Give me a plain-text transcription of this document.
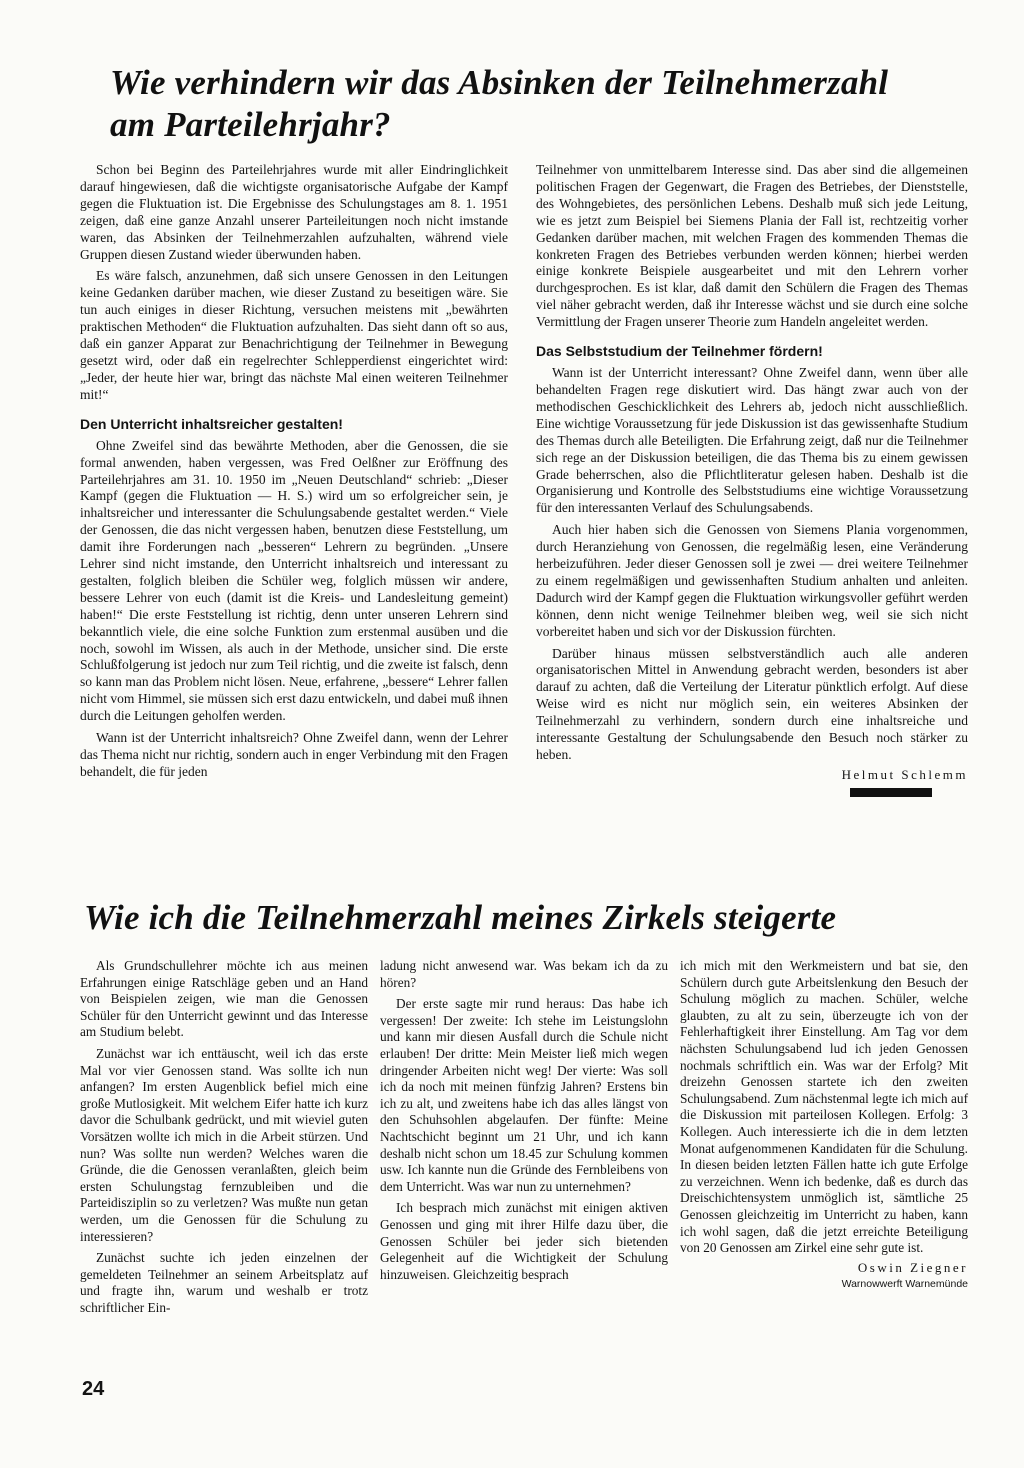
Wie verhindern wir das Absinken der Teilnehmerzahl
am Parteilehrjahr?

Schon bei Beginn des Parteilehrjahres wurde mit aller Eindringlichkeit darauf hingewiesen, daß die wichtigste organisatorische Aufgabe der Kampf gegen die Fluktuation ist. Die Ergebnisse des Schulungstages am 8. 1. 1951 zeigen, daß eine ganze Anzahl unserer Parteileitungen noch nicht imstande waren, das Absinken der Teilnehmerzahlen aufzuhalten, während viele Gruppen diesen Zustand wieder überwunden haben.

Es wäre falsch, anzunehmen, daß sich unsere Genossen in den Leitungen keine Gedanken darüber machen, wie dieser Zustand zu beseitigen wäre. Sie tun auch einiges in dieser Richtung, versuchen meistens mit „bewährten praktischen Methoden“ die Fluktuation aufzuhalten. Das sieht dann oft so aus, daß ein ganzer Apparat zur Benachrichtigung der Teilnehmer in Bewegung gesetzt wird, oder daß ein regelrechter Schlepperdienst eingerichtet wird: „Jeder, der heute hier war, bringt das nächste Mal einen weiteren Teilnehmer mit!“

Den Unterricht inhaltsreicher gestalten!

Ohne Zweifel sind das bewährte Methoden, aber die Genossen, die sie formal anwenden, haben vergessen, was Fred Oelßner zur Eröffnung des Parteilehrjahres am 31. 10. 1950 im „Neuen Deutschland“ schrieb: „Dieser Kampf (gegen die Fluktuation — H. S.) wird um so erfolgreicher sein, je inhaltsreicher und interessanter die Schulungsabende gestaltet werden.“ Viele der Genossen, die das nicht vergessen haben, benutzen diese Feststellung, um damit ihre Forderungen nach „besseren“ Lehrern zu begründen. „Unsere Lehrer sind nicht imstande, den Unterricht inhaltsreich und interessant zu gestalten, folglich bleiben die Schüler weg, folglich müssen wir andere, bessere Lehrer von euch (damit ist die Kreis- und Landesleitung gemeint) haben!“ Die erste Feststellung ist richtig, denn unter unseren Lehrern sind bekanntlich viele, die eine solche Funktion zum erstenmal ausüben und die noch, sowohl im Wissen, als auch in der Methode, unsicher sind. Die erste Schlußfolgerung ist jedoch nur zum Teil richtig, und die zweite ist falsch, denn so kann man das Problem nicht lösen. Neue, erfahrene, „bessere“ Lehrer fallen nicht vom Himmel, sie müssen sich erst dazu entwickeln, und dabei muß ihnen durch die Leitungen geholfen werden.

Wann ist der Unterricht inhaltsreich? Ohne Zweifel dann, wenn der Lehrer das Thema nicht nur richtig, sondern auch in enger Verbindung mit den Fragen behandelt, die für jeden

Teilnehmer von unmittelbarem Interesse sind. Das aber sind die allgemeinen politischen Fragen der Gegenwart, die Fragen des Betriebes, der Dienststelle, des Wohngebietes, des persönlichen Lebens. Deshalb muß sich jede Leitung, wie es jetzt zum Beispiel bei Siemens Plania der Fall ist, rechtzeitig vorher Gedanken darüber machen, mit welchen Fragen des kommenden Themas die konkreten Fragen des Betriebes verbunden werden können; hierbei werden einige konkrete Beispiele ausgearbeitet und mit den Lehrern vorher durchgesprochen. Es ist klar, daß damit den Schülern die Fragen des Themas viel näher gebracht werden, daß ihr Interesse wächst und sie durch eine solche Vermittlung der Fragen unserer Theorie zum Handeln angeleitet werden.

Das Selbststudium der Teilnehmer fördern!

Wann ist der Unterricht interessant? Ohne Zweifel dann, wenn über alle behandelten Fragen rege diskutiert wird. Das hängt zwar auch von der methodischen Geschicklichkeit des Lehrers ab, jedoch nicht ausschließlich. Eine wichtige Voraussetzung für jede Diskussion ist das gewissenhafte Studium des Themas durch alle Beteiligten. Die Erfahrung zeigt, daß nur die Teilnehmer sich rege an der Diskussion beteiligen, die das Thema bis zu einem gewissen Grade beherrschen, also die Pflichtliteratur gelesen haben. Deshalb ist die Organisierung und Kontrolle des Selbststudiums eine wichtige Voraussetzung für den interessanten Verlauf des Schulungsabends.

Auch hier haben sich die Genossen von Siemens Plania vorgenommen, durch Heranziehung von Genossen, die regelmäßig lesen, eine Veränderung herbeizuführen. Jeder dieser Genossen soll je zwei — drei weitere Teilnehmer zu einem regelmäßigen und gewissenhaften Studium anhalten und anleiten. Dadurch wird der Kampf gegen die Fluktuation wirkungsvoller geführt werden können, denn nicht wenige Teilnehmer bleiben weg, weil sie sich nicht vorbereitet haben und sich vor der Diskussion fürchten.

Darüber hinaus müssen selbstverständlich auch alle anderen organisatorischen Mittel in Anwendung gebracht werden, besonders ist aber darauf zu achten, daß die Verteilung der Literatur pünktlich erfolgt. Auf diese Weise wird es nicht nur möglich sein, ein weiteres Absinken der Teilnehmerzahl zu verhindern, sondern durch eine inhaltsreiche und interessante Gestaltung der Schulungsabende den Besuch noch stärker zu heben.

Helmut Schlemm
Wie ich die Teilnehmerzahl meines Zirkels steigerte

Als Grundschullehrer möchte ich aus meinen Erfahrungen einige Ratschläge geben und an Hand von Beispielen zeigen, wie man die Genossen Schüler für den Unterricht gewinnt und das Interesse am Studium belebt.

Zunächst war ich enttäuscht, weil ich das erste Mal vor vier Genossen stand. Was sollte ich nun anfangen? Im ersten Augenblick befiel mich eine große Mutlosigkeit. Mit welchem Eifer hatte ich kurz davor die Schulbank gedrückt, und mit wieviel guten Vorsätzen wollte ich mich in die Arbeit stürzen. Und nun? Was sollte nun werden? Welches waren die Gründe, die die Genossen veranlaßten, gleich beim ersten Schulungstag fernzubleiben und die Parteidisziplin so zu verletzen? Was mußte nun getan werden, um die Genossen für die Schulung zu interessieren?

Zunächst suchte ich jeden einzelnen der gemeldeten Teilnehmer an seinem Arbeitsplatz auf und fragte ihn, warum und weshalb er trotz schriftlicher Ein-

ladung nicht anwesend war. Was bekam ich da zu hören?

Der erste sagte mir rund heraus: Das habe ich vergessen! Der zweite: Ich stehe im Leistungslohn und kann mir diesen Ausfall durch die Schule nicht erlauben! Der dritte: Mein Meister ließ mich wegen dringender Arbeiten nicht weg! Der vierte: Was soll ich da noch mit meinen fünfzig Jahren? Erstens bin ich zu alt, und zweitens habe ich das alles längst von den Schuhsohlen abgelaufen. Der fünfte: Meine Nachtschicht beginnt um 21 Uhr, und ich kann deshalb nicht schon um 18.45 zur Schulung kommen usw. Ich kannte nun die Gründe des Fernbleibens von dem Unterricht. Was war nun zu unternehmen?

Ich besprach mich zunächst mit einigen aktiven Genossen und ging mit ihrer Hilfe dazu über, die Genossen Schüler bei jeder sich bietenden Gelegenheit auf die Wichtigkeit der Schulung hinzuweisen. Gleichzeitig besprach

ich mich mit den Werkmeistern und bat sie, den Schülern durch gute Arbeitslenkung den Besuch der Schulung möglich zu machen. Schüler, welche glaubten, zu alt zu sein, überzeugte ich von der Fehlerhaftigkeit ihrer Einstellung. Am Tag vor dem nächsten Schulungsabend lud ich jeden Genossen nochmals schriftlich ein. Was war der Erfolg? Mit dreizehn Genossen startete ich den zweiten Schulungsabend. Zum nächstenmal legte ich mich auf die Diskussion mit parteilosen Kollegen. Erfolg: 3 Kollegen. Auch interessierte ich die in dem letzten Monat aufgenommenen Kandidaten für die Schulung. In diesen beiden letzten Fällen hatte ich gute Erfolge zu verzeichnen. Wenn ich bedenke, daß es durch das Dreischichtensystem unmöglich ist, sämtliche 25 Genossen gleichzeitig im Unterricht zu haben, kann ich wohl sagen, daß die jetzt erreichte Beteiligung von 20 Genossen am Zirkel eine sehr gute ist.

Oswin Ziegner
Warnowwerft Warnemünde
24
